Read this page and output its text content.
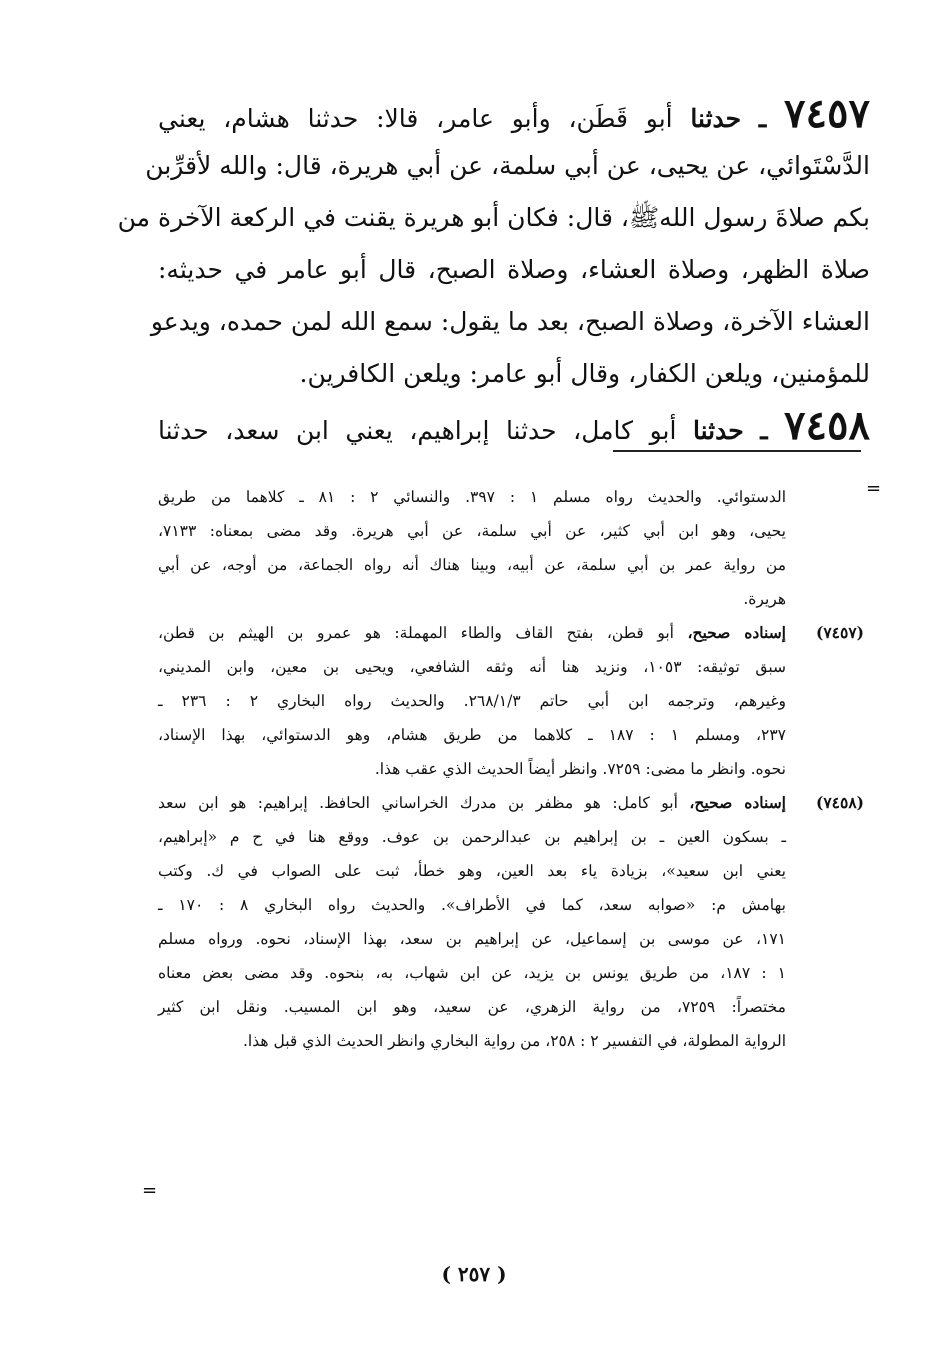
٧٤٥٧ ـ حدثنا أبو قَطَن، وأبو عامر، قالا: حدثنا هشام، يعني
الدَّسْتَوائي، عن يحيى، عن أبي سلمة، عن أبي هريرة، قال: والله لأقرِّبن
بكم صلاةَ رسول اللهﷺ، قال: فكان أبو هريرة يقنت في الركعة الآخرة من
صلاة الظهر، وصلاة العشاء، وصلاة الصبح، قال أبو عامر في حديثه:
العشاء الآخرة، وصلاة الصبح، بعد ما يقول: سمع الله لمن حمده، ويدعو
للمؤمنين، ويلعن الكفار، وقال أبو عامر: ويلعن الكافرين.
٧٤٥٨ ـ حدثنا أبو كامل، حدثنا إبراهيم، يعني ابن سعد، حدثنا
=
الدستوائي. والحديث رواه مسلم ١ : ٣٩٧. والنسائي ٢ : ٨١ ـ كلاهما من طريق
يحيى، وهو ابن أبي كثير، عن أبي سلمة، عن أبي هريرة. وقد مضى بمعناه: ٧١٣٣،
من رواية عمر بن أبي سلمة، عن أبيه، وبينا هناك أنه رواه الجماعة، من أوجه، عن أبي
هريرة.
(٧٤٥٧)
إسناده صحيح، أبو قطن، بفتح القاف والطاء المهملة: هو عمرو بن الهيثم بن قطن،
سبق توثيقه: ١٠٥٣، ونزيد هنا أنه وثقه الشافعي، ويحيى بن معين، وابن المديني،
وغيرهم، وترجمه ابن أبي حاتم ٢٦٨/١/٣. والحديث رواه البخاري ٢ : ٢٣٦ ـ
٢٣٧، ومسلم ١ : ١٨٧ ـ كلاهما من طريق هشام، وهو الدستوائي، بهذا الإسناد،
نحوه. وانظر ما مضى: ٧٢٥٩. وانظر أيضاً الحديث الذي عقب هذا.
(٧٤٥٨)
إسناده صحيح، أبو كامل: هو مظفر بن مدرك الخراساني الحافظ. إبراهيم: هو ابن سعد
ـ بسكون العين ـ بن إبراهيم بن عبدالرحمن بن عوف. ووقع هنا في ح م «إبراهيم،
يعني ابن سعيد»، بزيادة ياء بعد العين، وهو خطأ، ثبت على الصواب في ك. وكتب
بهامش م: «صوابه سعد، كما في الأطراف». والحديث رواه البخاري ٨ : ١٧٠ ـ
١٧١، عن موسى بن إسماعيل، عن إبراهيم بن سعد، بهذا الإسناد، نحوه. ورواه مسلم
١ : ١٨٧، من طريق يونس بن يزيد، عن ابن شهاب، به، بنحوه. وقد مضى بعض معناه
مختصراً: ٧٢٥٩، من رواية الزهري، عن سعيد، وهو ابن المسيب. ونقل ابن كثير
الرواية المطولة، في التفسير ٢ : ٢٥٨، من رواية البخاري وانظر الحديث الذي قبل هذا.
=
( ٢٥٧ )
